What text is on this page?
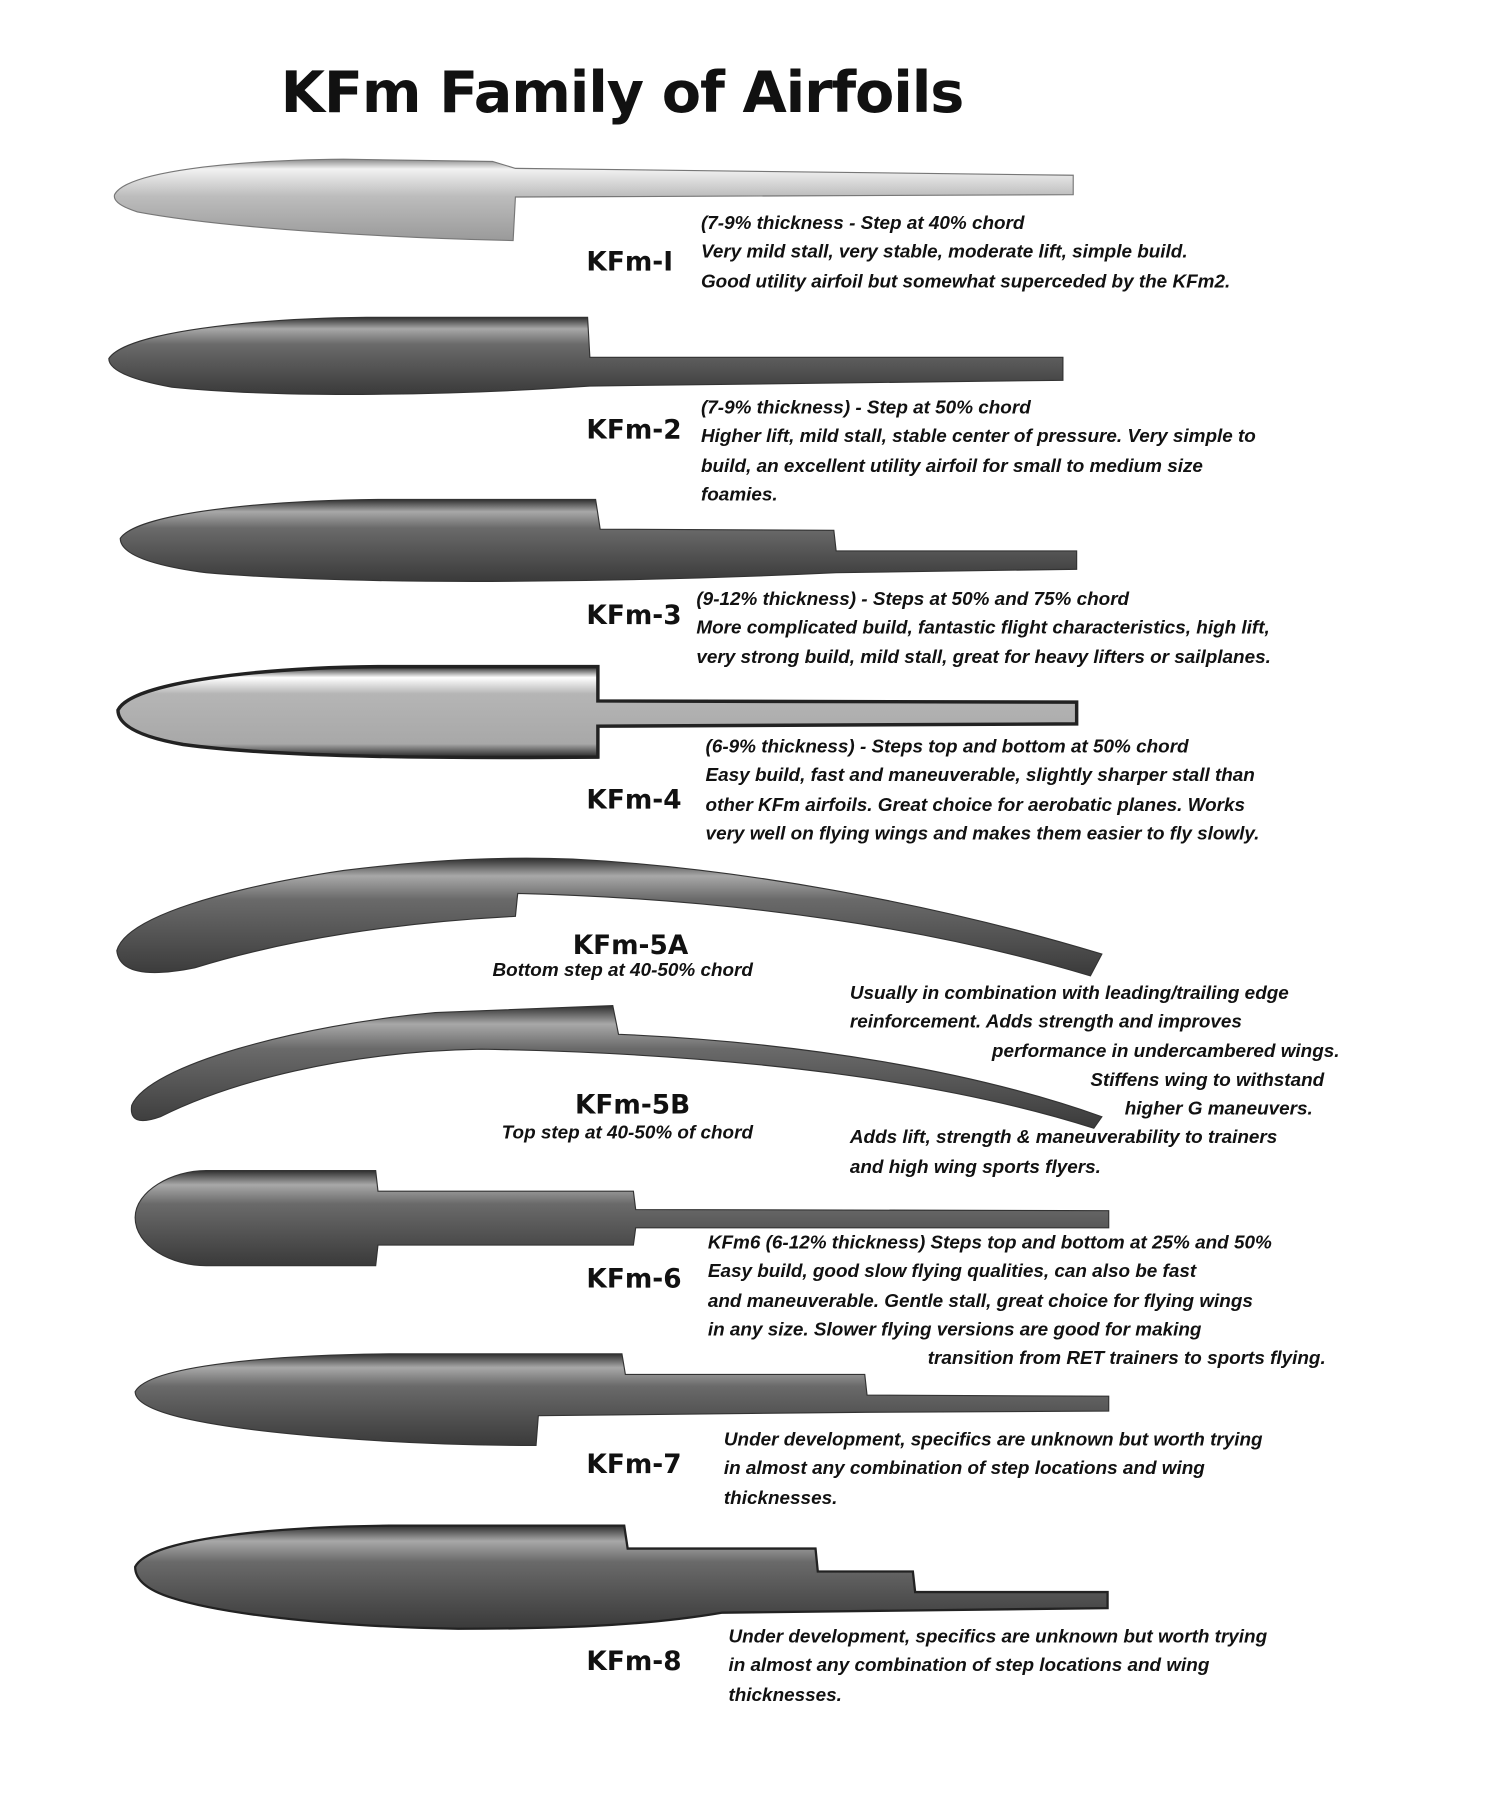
KFm Family of Airfoils
KFm-I
(7-9% thickness - Step at 40% chord
Very mild stall, very stable, moderate lift, simple build.
Good utility airfoil but somewhat superceded by the KFm2.
KFm-2
(7-9% thickness) - Step at 50% chord
Higher lift, mild stall, stable center of pressure. Very simple to
build, an excellent utility airfoil for small to medium size
foamies.
KFm-3
(9-12% thickness) - Steps at 50% and 75% chord
More complicated build, fantastic flight characteristics, high lift,
very strong build, mild stall, great for heavy lifters or sailplanes.
KFm-4
(6-9% thickness) - Steps top and bottom at 50% chord
Easy build, fast and maneuverable, slightly sharper stall than
other KFm airfoils. Great choice for aerobatic planes. Works
very well on flying wings and makes them easier to fly slowly.
KFm-5A
Bottom step at 40-50% chord
KFm-5B
Top step at 40-50% of chord
Usually in combination with leading/trailing edge
reinforcement. Adds strength and improves
performance in undercambered wings.
Stiffens wing to withstand
higher G maneuvers.
Adds lift, strength & maneuverability to trainers
and high wing sports flyers.
KFm-6
KFm6 (6-12% thickness) Steps top and bottom at 25% and 50%
Easy build, good slow flying qualities, can also be fast
and maneuverable. Gentle stall, great choice for flying wings
in any size. Slower flying versions are good for making
transition from RET trainers to sports flying.
KFm-7
Under development, specifics are unknown but worth trying
in almost any combination of step locations and wing
thicknesses.
KFm-8
Under development, specifics are unknown but worth trying
in almost any combination of step locations and wing
thicknesses.
